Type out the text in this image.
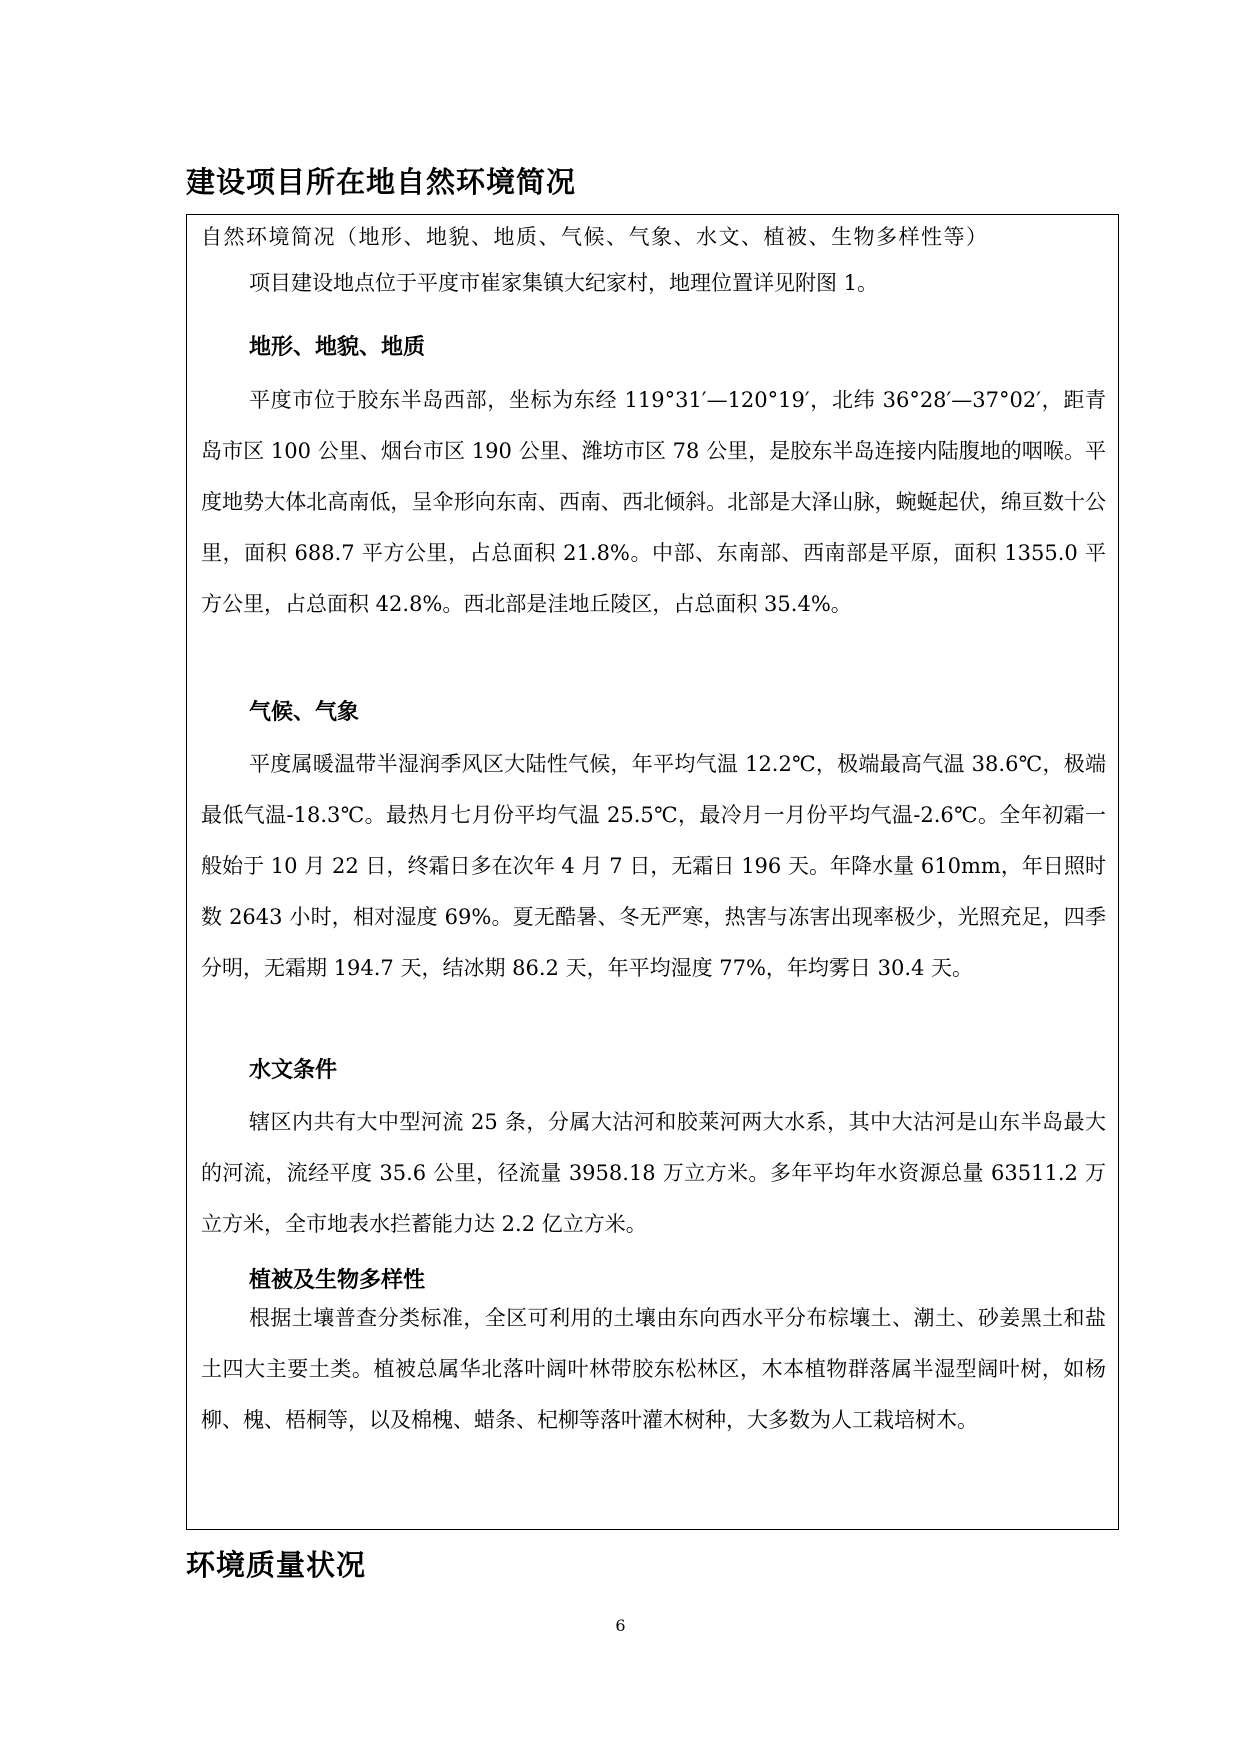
建设项目所在地自然环境简况

自然环境简况（地形、地貌、地质、气候、气象、水文、植被、生物多样性等）

项目建设地点位于平度市崔家集镇大纪家村，地理位置详见附图 1。

地形、地貌、地质

平度市位于胶东半岛西部，坐标为东经 119°31′—120°19′，北纬 36°28′—37°02′，距青岛市区 100 公里、烟台市区 190 公里、潍坊市区 78 公里，是胶东半岛连接内陆腹地的咽喉。平度地势大体北高南低，呈伞形向东南、西南、西北倾斜。北部是大泽山脉，蜿蜒起伏，绵亘数十公里，面积 688.7 平方公里，占总面积 21.8%。中部、东南部、西南部是平原，面积 1355.0 平方公里，占总面积 42.8%。西北部是洼地丘陵区，占总面积 35.4%。

气候、气象

平度属暖温带半湿润季风区大陆性气候，年平均气温 12.2℃，极端最高气温 38.6℃，极端最低气温-18.3℃。最热月七月份平均气温 25.5℃，最冷月一月份平均气温-2.6℃。全年初霜一般始于 10 月 22 日，终霜日多在次年 4 月 7 日，无霜日 196 天。年降水量 610mm，年日照时数 2643 小时，相对湿度 69%。夏无酷暑、冬无严寒，热害与冻害出现率极少，光照充足，四季分明，无霜期 194.7 天，结冰期 86.2 天，年平均湿度 77%，年均雾日 30.4 天。

水文条件

辖区内共有大中型河流 25 条，分属大沽河和胶莱河两大水系，其中大沽河是山东半岛最大的河流，流经平度 35.6 公里，径流量 3958.18 万立方米。多年平均年水资源总量 63511.2 万立方米，全市地表水拦蓄能力达 2.2 亿立方米。

植被及生物多样性

根据土壤普查分类标准，全区可利用的土壤由东向西水平分布棕壤土、潮土、砂姜黑土和盐土四大主要土类。植被总属华北落叶阔叶林带胶东松林区，木本植物群落属半湿型阔叶树，如杨柳、槐、梧桐等，以及棉槐、蜡条、杞柳等落叶灌木树种，大多数为人工栽培树木。

环境质量状况

6
